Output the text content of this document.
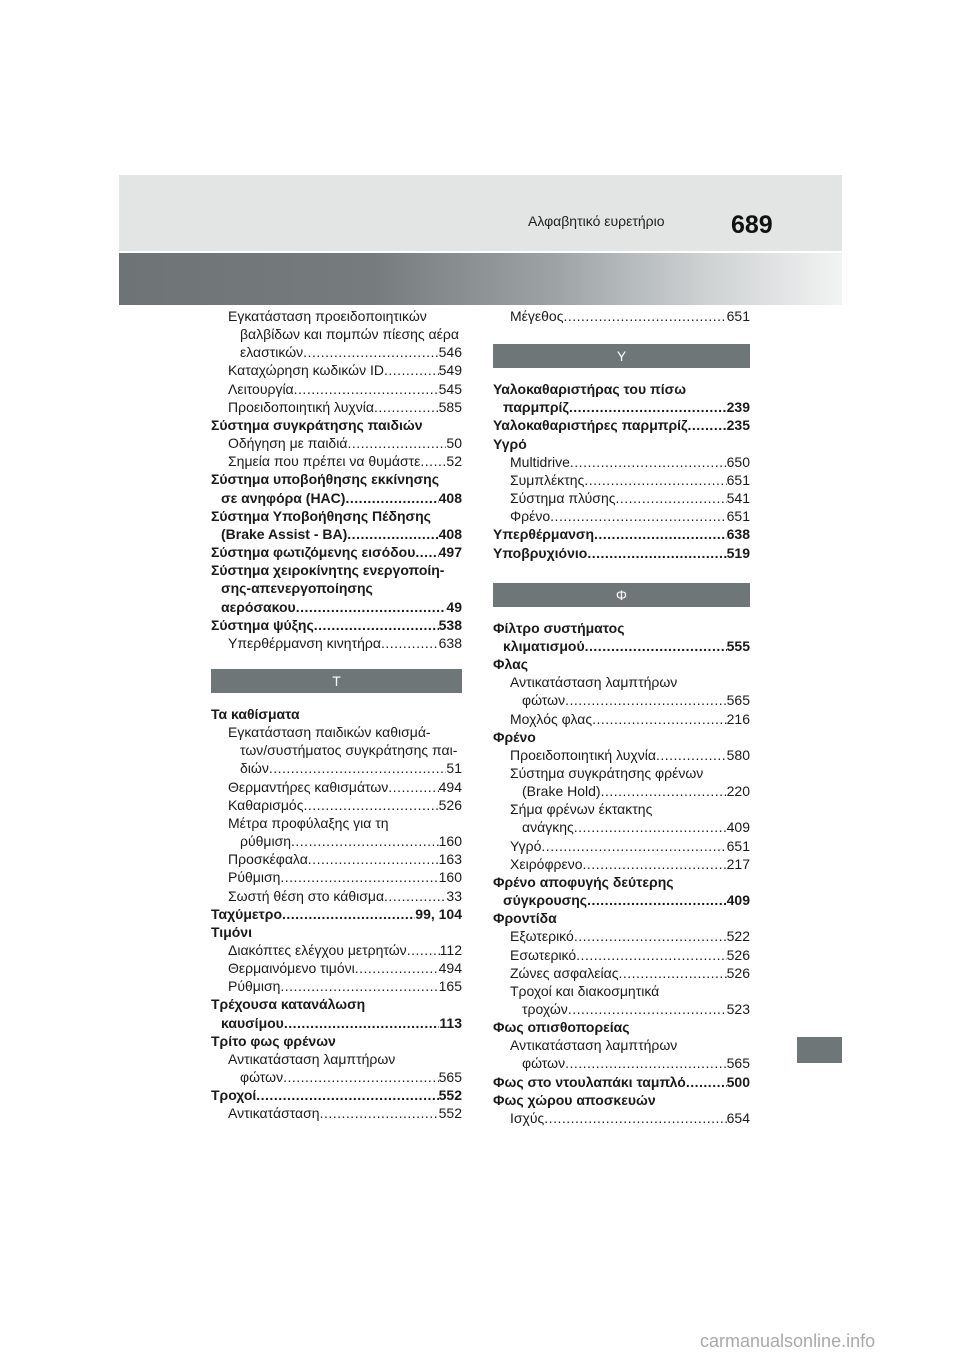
Αλφαβητικό ευρετήριο	689
Εγκατάσταση προειδοποιητικών
βαλβίδων και πομπών πίεσης αέρα
ελαστικών .....	546
Καταχώρηση κωδικών ID .....	549
Λειτουργία .....	545
Προειδοποιητική λυχνία .....	585
Σύστημα συγκράτησης παιδιών
Οδήγηση με παιδιά .....	50
Σημεία που πρέπει να θυμάστε ..... 52
Σύστημα υποβοήθησης εκκίνησης
σε ανηφόρα (HAC) .....	408
Σύστημα Υποβοήθησης Πέδησης
(Brake Assist - BA) .....	408
Σύστημα φωτιζόμενης εισόδου ..... 497
Σύστημα χειροκίνητης ενεργοποίη-
σης-απενεργοποίησης
αερόσακου .....	49
Σύστημα ψύξης .....	538
Υπερθέρμανση κινητήρα .....	638
Τ
Τα καθίσματα
Εγκατάσταση παιδικών καθισμά-
των/συστήματος συγκράτησης παι-
διών .....	51
Θερμαντήρες καθισμάτων .....	494
Καθαρισμός .....	526
Μέτρα προφύλαξης για τη
ρύθμιση .....	160
Προσκέφαλα .....	163
Ρύθμιση .....	160
Σωστή θέση στο κάθισμα .....	33
Ταχύμετρο .....	99, 104
Τιμόνι
Διακόπτες ελέγχου μετρητών ..... 112
Θερμαινόμενο τιμόνι .....	494
Ρύθμιση .....	165
Τρέχουσα κατανάλωση
καυσίμου .....	113
Τρίτο φως φρένων
Αντικατάσταση λαμπτήρων
φώτων .....	565
Τροχοί .....	552
Αντικατάσταση .....	552
Μέγεθος .....	651
Υ
Υαλοκαθαριστήρας του πίσω
παρμπρίζ .....	239
Υαλοκαθαριστήρες παρμπρίζ .....	235
Υγρό
Multidrive .....	650
Συμπλέκτης .....	651
Σύστημα πλύσης .....	541
Φρένο .....	651
Υπερθέρμανση .....	638
Υποβρυχιόνιο .....	519
Φ
Φίλτρο συστήματος
κλιματισμού .....	555
Φλας
Αντικατάσταση λαμπτήρων
φώτων .....	565
Μοχλός φλας .....	216
Φρένο
Προειδοποιητική λυχνία .....	580
Σύστημα συγκράτησης φρένων
(Brake Hold) .....	220
Σήμα φρένων έκτακτης
ανάγκης .....	409
Υγρό .....	651
Χειρόφρενο .....	217
Φρένο αποφυγής δεύτερης
σύγκρουσης .....	409
Φροντίδα
Εξωτερικό .....	522
Εσωτερικό .....	526
Ζώνες ασφαλείας .....	526
Τροχοί και διακοσμητικά
τροχών .....	523
Φως οπισθοπορείας
Αντικατάσταση λαμπτήρων
φώτων .....	565
Φως στο ντουλαπάκι ταμπλό .....	500
Φως χώρου αποσκευών
Ισχύς .....	654
carmanualsonline.info
